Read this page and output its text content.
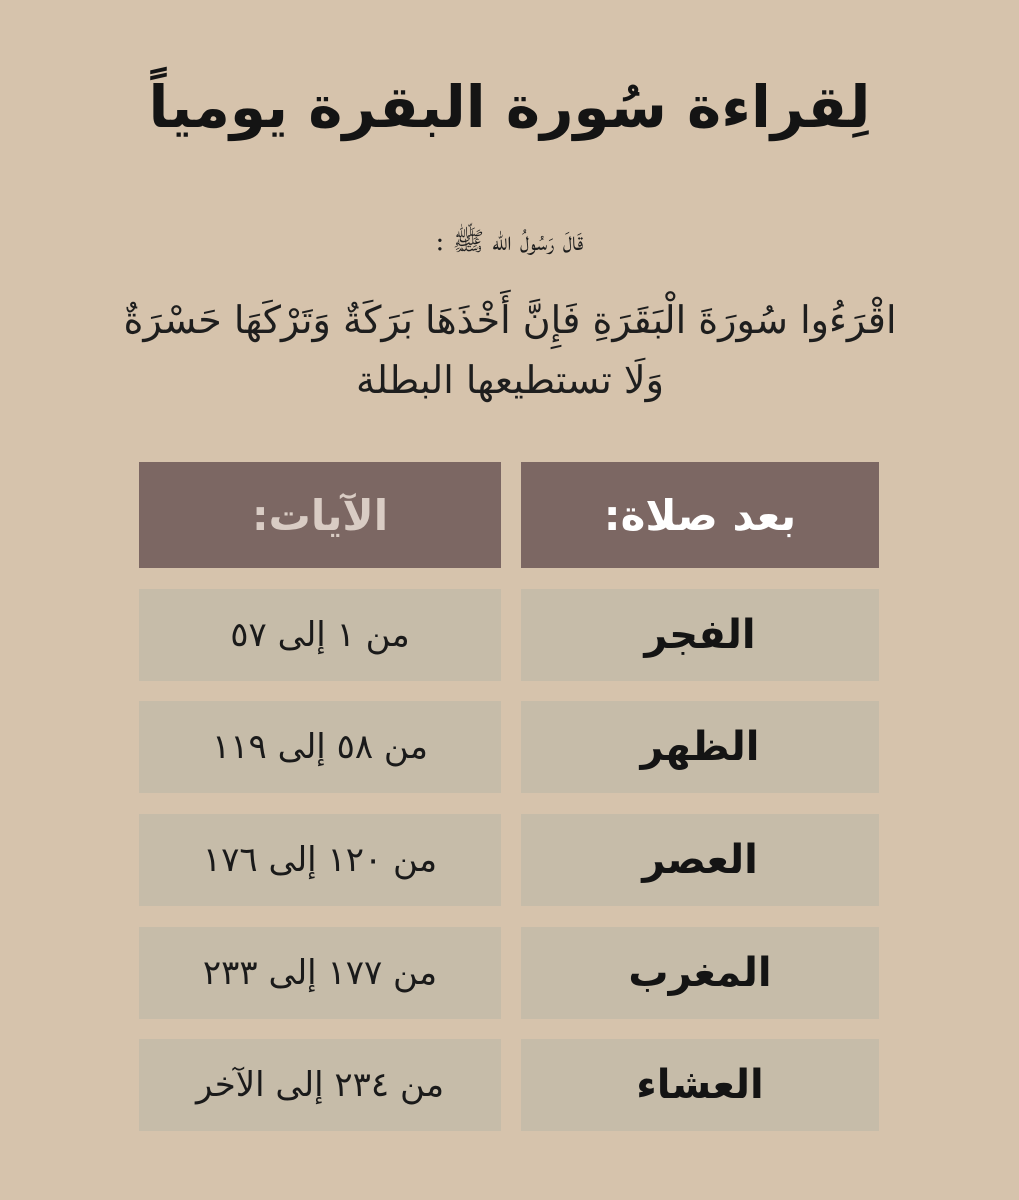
لِقراءة سُورة البقرة يومياً
قَالَ رَسُولُ اللّٰه ﷺ :
اقْرَءُوا سُورَةَ الْبَقَرَةِ فَإِنَّ أَخْذَهَا بَرَكَةٌ وَتَرْكَهَا حَسْرَةٌ وَلَا تستطيعها البطلة
بعد صلاة:
الآيات:
الفجر
من ١ إلى ٥٧
الظهر
من ٥٨ إلى ١١٩
العصر
من ١٢٠ إلى ١٧٦
المغرب
من ١٧٧ إلى ٢٣٣
العشاء
من ٢٣٤ إلى الآخر
